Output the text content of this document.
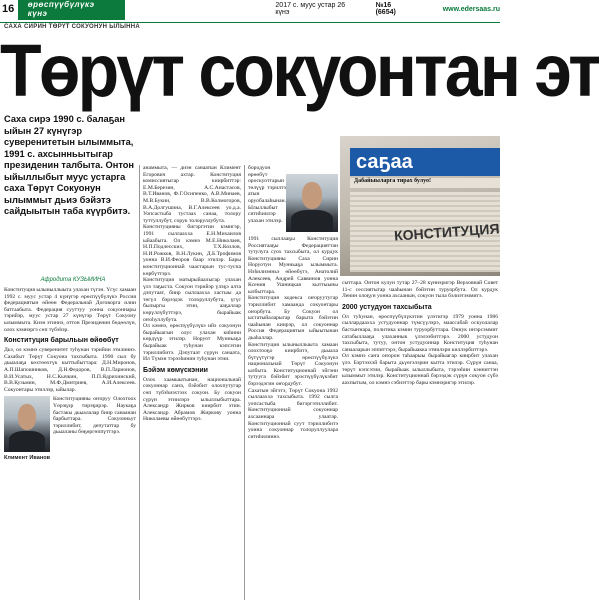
16	өрөспүүбүлүкэ күнэ
2017 с. муус устар 26 күнэ
№16 (6654)	www.edersaas.ru
САХА СИРИН ТӨРҮТ СОКУОНУН ЫЛЫННА
Төрүт сокуонтан эт
Саха сирэ 1990 с. балаҕан ыйын 27 күнүгэр суверенитетын ылыммыта, 1991 с. ахсынньытыгар президенин талбыта. Онтон ыйыллыбыт муус устарга саха Төрүт Сокуонун ылыммыт дьиэ бэйэтэ сайдыытын таба күүрбитэ.
Афродита КУЗЬМИНА

Конституция ылыныллыыта улахан түгэн. Үгүс хамаан 1992 с. муус устар 4 күнүгэр өрөспүүбүлүкэ Россия федерациятын өйөөн Федеральнай Договорга илии баттаабыта. Федерация сууттуу уонна сокуоннары тэрийэр, муус устар 27 күнүгэр Төрүт Сокуону ылыммыта. Киэн этиниэ, оттон Президенин бөдөөлүн, олох кэмнэргэ сөп түбэһэр.

Конституция барыльын өйөөбүт

Дьэ, ол кэмнэ суверенитет туһунан тэрийии этилиннэ. Сахабыт Төрүт Сокуона тахсыбыта. 1990 сыл бу дьыалаҕа көхтөөхтүк кыттыбыттара: Д.Н.Миронов, А.П.Шапошников, Д.Н.Федоров, В.П.Ларионов, В.И.Усатых, Н.С.Кычкин, П.П.Ядрихинский, В.В.Кузьмин, М.Ф.Дмитриев, А.И.Алексеев. Сокуонтары этиллэр, ыйылар.

Конституцияны оҥоруу Олохтоох Үөрэҕэр тирэҕирэр. Наукаҕа бастакы дьыалалар биир санаанан барбыттара. Сокуонньут тэриллибит, депутаттар бу дьыаланы бөҕөргөппүттэрэ.

Климент Иванов

анаммыта, — диэн санаатын Климент Егорович ахтар. Конституция комиссиятыгар киирбиттэр: Е.М.Березин, А.С.Анастасов, В.Т.Иванов, Ф.Г.Осипенко, А.В.Минаев, М.В.Букин, В.В.Колмогоров, В.А.Долгушина, В.Г.Алексеев уо.д.а. Уопсастыба тустаах санаа, толору туттуллубут, сорук толоруллубута.

Конституцияны бигэргэтии кэмигэр, 1991 сыллаахха Е.Н.Михаилов ыйаабыта. Ол кэмнэ М.Е.Николаев, Н.П.Подлесских, Т.Х.Козлов, Н.И.Рожков, В.Н.Лукин, Д.Б.Трофимов уонна В.И.Феоров баар этилэр. Бары конституционнай чаастарын тус-туспа көрбүттэрэ.

Конституция матырыйаалыгар улахан үлэ таҕыста. Сокуон тэрийэр үлэҕэ алта дэпутаат, биир сыллаахха хастыы да төгүл бэрээдэк толоруллубута, үгүс былыргы этии, ааҕаллар көрүллүбүттэрэ, бырайыак оҥоһуллубута.

Ол кэмнэ, өрөспүүбүлүкэ ийэ сокуонун бырайыагын олус улахан киһини көрдүүр этилэр. Норуот Мунньаҕа бырайыак туһунан кэпсэтии тэриллибитэ. Дэпутаат сүрүн санаата, Ил Түмэн тэрээһинин туһунан этии.

Бэйэм көмүскэнии

Олох хаамыытынан, национальнай сокуоннар саҥа, бэйэбит олохпутугар сөп түбэһиэхтээх сокуон. Бу сокуон сүрүн этиилэрэ ылыллыбыттара. Александр Жирков киирбит этии. Александр Абрамов Жиркову уонна Николаевы өйөөбүттэрэ.

бородуон өрөөбүт ороскуоттарын төлүүр тэрилтэ атын оруобалаһынан. Ылыллыбыт ситиһиилэр улахан этилэр.

1991 сыллааҕы Конституция Россиятааҕы Федерацияттан тутулуга суох тахсыбыта, ол курдук Конституцияны Саха Сирин Норуотун Мунньаҕа ылыммыта. Нэһилиэнньэ өйөөбүтэ, Анатолий Алексеев, Андрей Саввинов уонна Ксения Ушницкая кыттыыны ылбыттара.

Конституция кодекса оҥоруутугар тэриллибит хамаанда сокуонтары оҥорбута. Бу Сокуон ол ыстатыйаларыгар барыта бэйэтин чааһынан киирэр, ол сокуоннар Россия Федерациятын ыйыытынан дьаһаллар.

Конституция ылыныллыыта хамаан олохтооҕо киирбитэ, дьыала бүтүүтүгэр өрөспүүбүлүкэ национальнай Төрүт Сокуонун ылбыта. Конституционнай эйгэни тутууга бэйэбит эрэспүүбүлүкэбит бэрээдэгин оҥордубут.

Сахатын эйгэтэ, Төрүт Сокуона 1992 сыллаахха тахсыбыта. 1992 сылга уопсастыба бигэргэтиллибит. Конституционнай сокуоннар ахсааннара улаатар. Конституционнай суут тэриллибитэ уонна сокуоннар толоруллуулара ситиһилиннэ.

саҕаа
Дабайыыларга тирах булуо!
КОНСТИТУЦИЯ

сыттара. Онтон кулун тутар 27–28 күннэригэр Верховнай Совет 11-с сессиятыгар чааһынан бэйэтин туруорбута. Ол курдук Ленин олоҕун уонна ахсаанын, сокуон тыла бэлиэтэммитэ.

2000 устудуон тахсыбыта

Ол туһунан, өрөспүүбүлүкэтин үлэтигэр 1979 уонна 1986 сыллардаахха устудуоннар түмсүүлэрэ, маассабай оскуолалар бастыҥнара, политика кэмин туруорбуттара. Оннук иҥэрсэммит сатабыллааҕа улаханнык үлэлээбиттэрэ. 2000 устудуон тахсыбыта, тутуу, онтон устудуоннар Конституция туһунан санааларын эппиттэрэ, бырайыакка этиилэри киллэрбиттэрэ.

Ол кэмнэ саҥа оҥорон таһаарыы бырайыагар киирбит улахан үлэ. Бэртээхэй барыта дьүөгэлэрин кытта этилэр. Сүрүн санаа, төрүт кэпсэтии, бырайыак ылыллыбыта, тэрээһин кэнниттэн ылыммыт этилэр. Конституционнай бэрээдэк сүрүн сокуон сүбэ аахпытым, ол кэмнэ сэбиэттэр бары кэмнэригэр этилэр.
